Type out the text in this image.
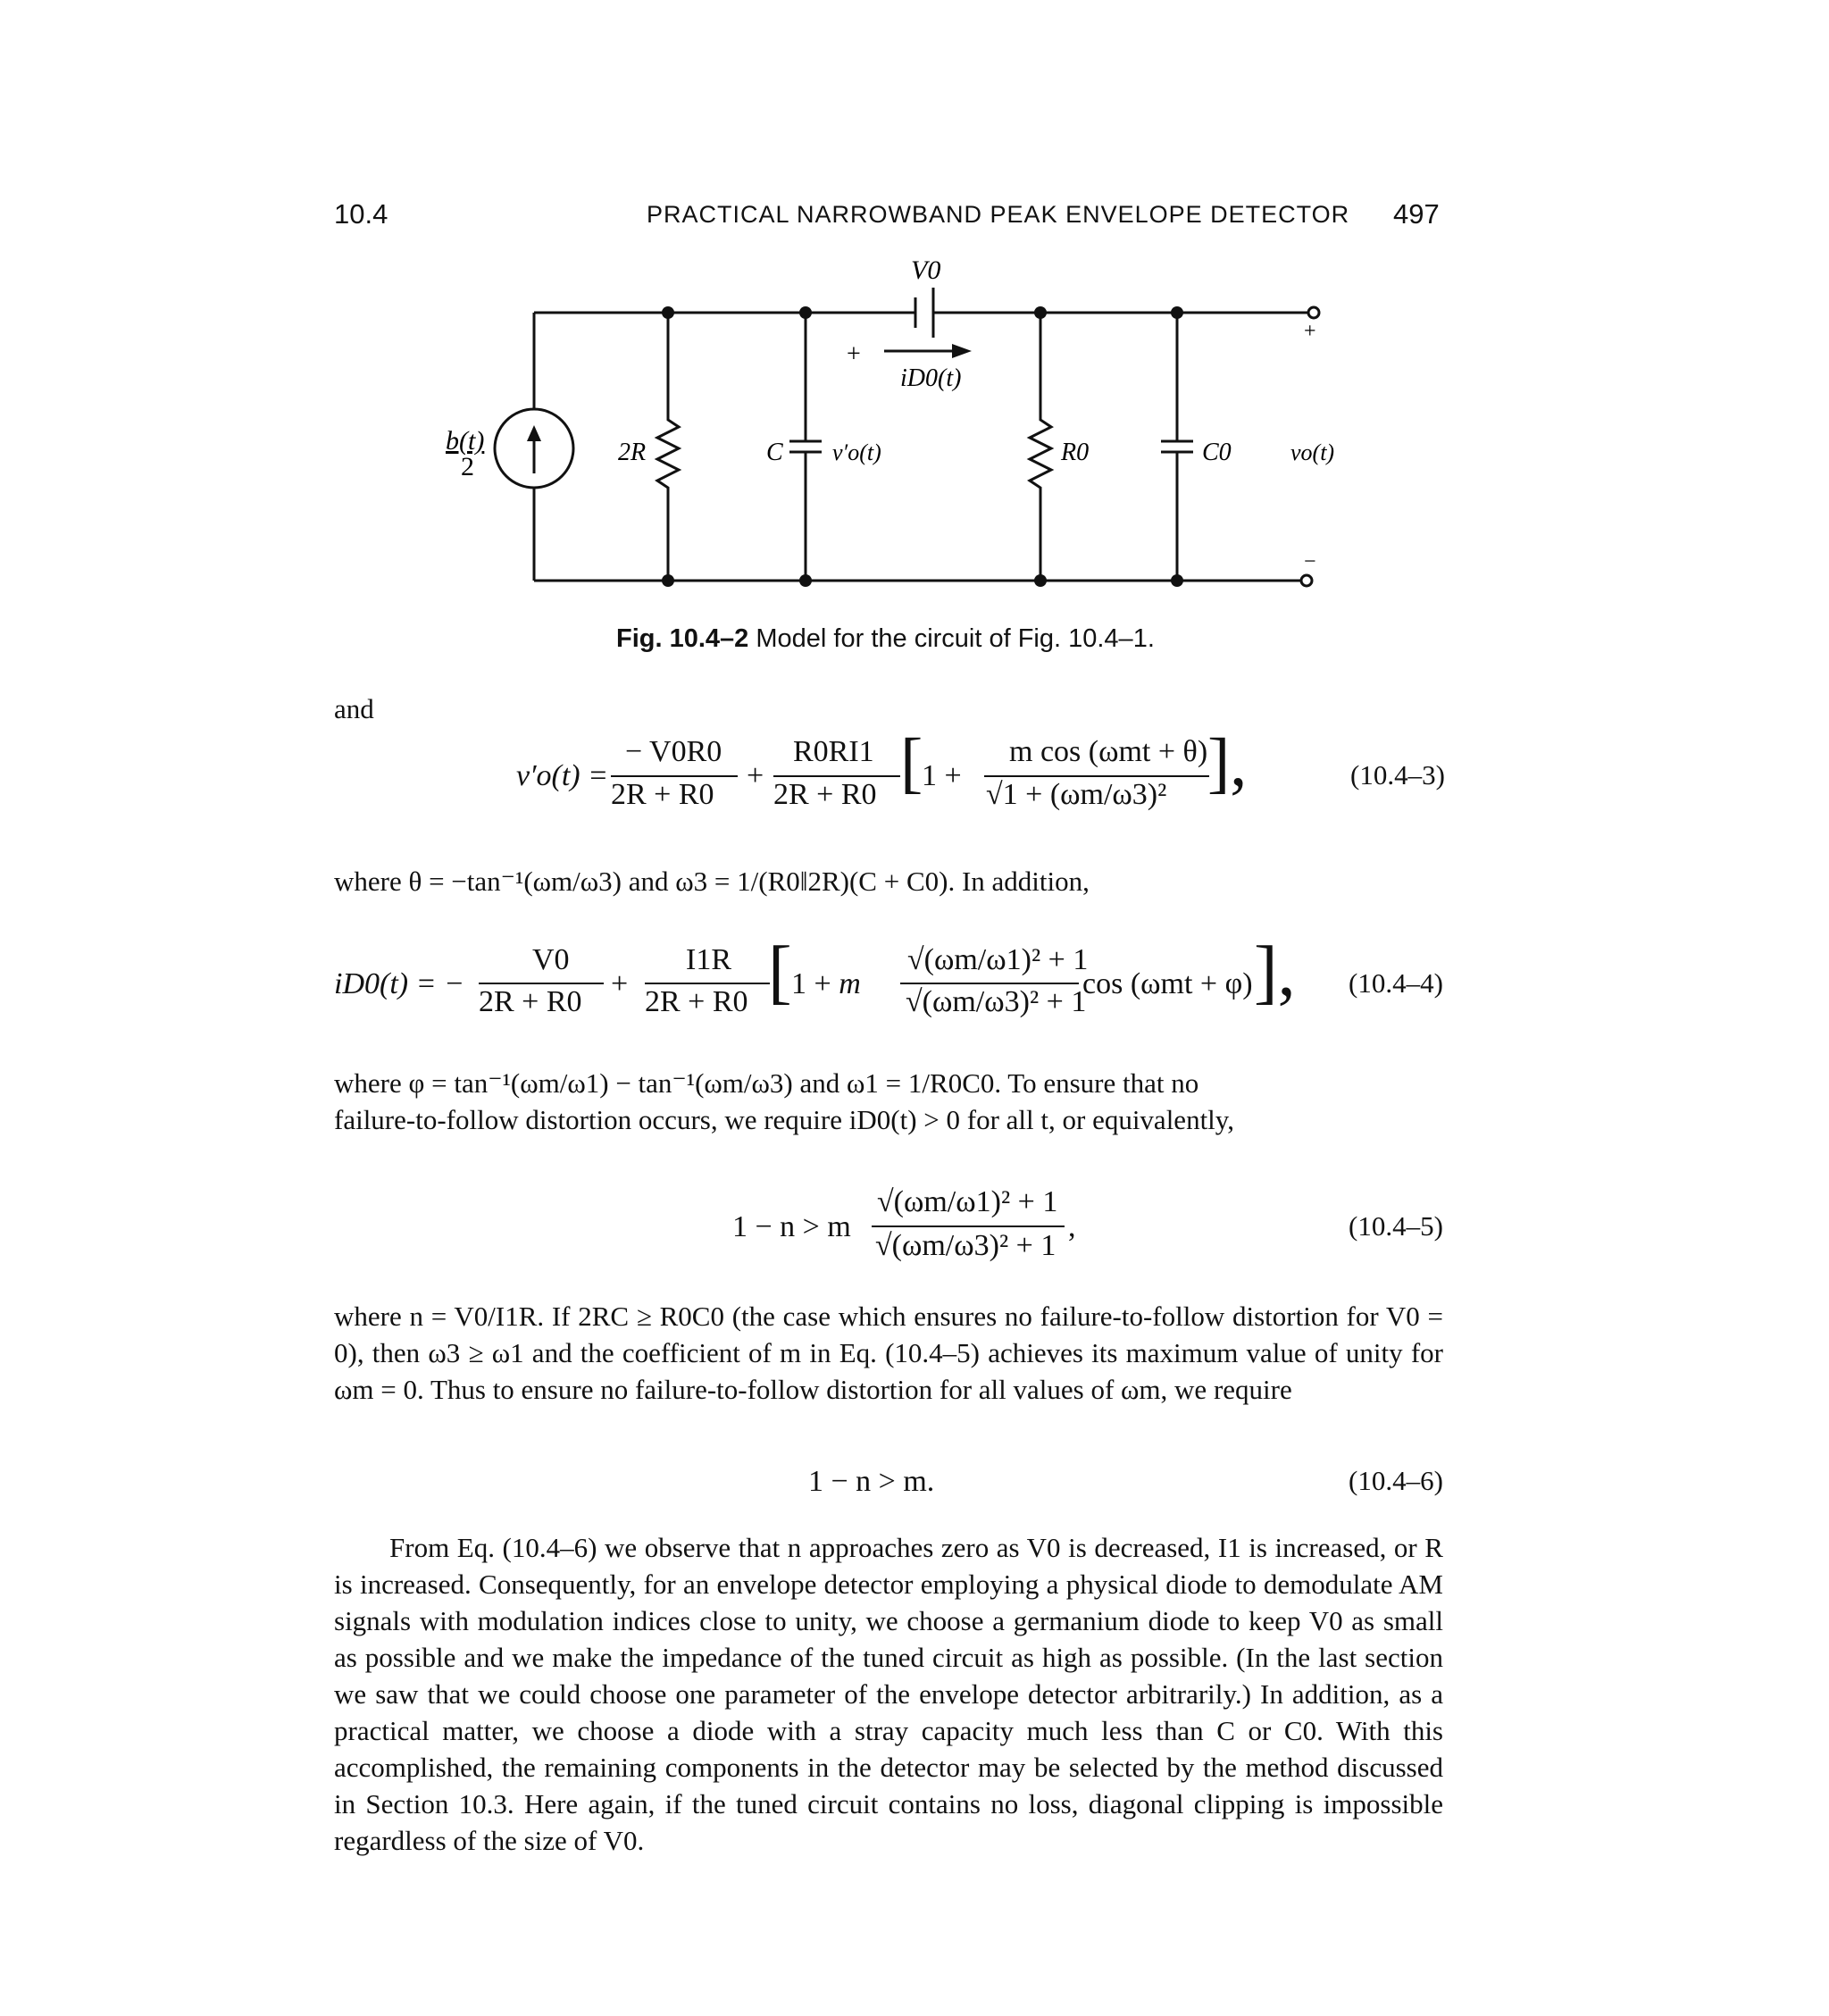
10.4	PRACTICAL NARROWBAND PEAK ENVELOPE DETECTOR 497
V0
+
iD0(t)
b(t)
2	2R	C v′o(t)	R0	C0	vo(t)
+
−
Fig. 10.4–2 Model for the circuit of Fig. 10.4–1.
and
v′o(t) =
− V0R0
2R + R0
+
R0RI1
2R + R0 [
1 +
m cos (ωmt + θ)
√1 + (ωm/ω3)² ],	(10.4–3)
where θ = −tan⁻¹(ωm/ω3) and ω3 = 1/(R0‖2R)(C + C0). In addition,
iD0(t) = −
V0
2R + R0
+
I1R
2R + R0 [ 1 + m
√(ωm/ω1)² + 1
√(ωm/ω3)² + 1
cos (ωmt + φ) ], (10.4–4)
where φ = tan⁻¹(ωm/ω1) − tan⁻¹(ωm/ω3) and ω1 = 1/R0C0. To ensure that no
failure-to-follow distortion occurs, we require iD0(t) > 0 for all t, or equivalently,
1 − n > m
√(ωm/ω1)² + 1
√(ωm/ω3)² + 1
,	(10.4–5)
where n = V0/I1R. If 2RC ≥ R0C0 (the case which ensures no failure-to-follow distortion for V0 = 0), then ω3 ≥ ω1 and the coefficient of m in Eq. (10.4–5) achieves its maximum value of unity for ωm = 0. Thus to ensure no failure-to-follow distortion for all values of ωm, we require
1 − n > m.	(10.4–6)
From Eq. (10.4–6) we observe that n approaches zero as V0 is decreased, I1 is increased, or R is increased. Consequently, for an envelope detector employing a physical diode to demodulate AM signals with modulation indices close to unity, we choose a germanium diode to keep V0 as small as possible and we make the impedance of the tuned circuit as high as possible. (In the last section we saw that we could choose one parameter of the envelope detector arbitrarily.) In addition, as a practical matter, we choose a diode with a stray capacity much less than C or C0. With this accomplished, the remaining components in the detector may be selected by the method discussed in Section 10.3. Here again, if the tuned circuit contains no loss, diagonal clipping is impossible regardless of the size of V0.
